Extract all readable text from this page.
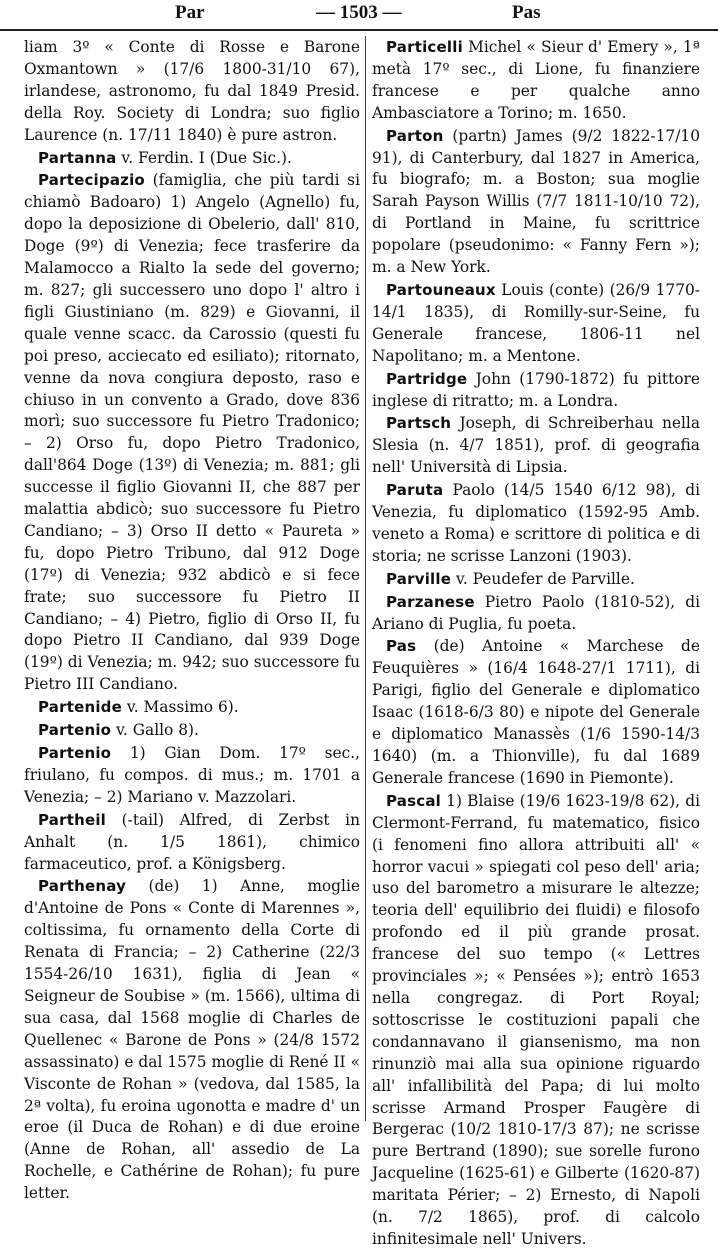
Par	— 1503 —	Pas

liam 3º « Conte di Rosse e Barone Oxmantown » (17/6 1800-31/10 67), irlandese, astronomo, fu dal 1849 Presid. della Roy. Society di Londra; suo figlio Laurence (n. 17/11 1840) è pure astron.

Partanna v. Ferdin. I (Due Sic.).

Partecipazio (famiglia, che più tardi si chiamò Badoaro) 1) Angelo (Agnello) fu, dopo la deposizione di Obelerio, dall' 810, Doge (9º) di Venezia; fece trasferire da Malamocco a Rialto la sede del governo; m. 827; gli successero uno dopo l' altro i figli Giustiniano (m. 829) e Giovanni, il quale venne scacc. da Carossio (questi fu poi preso, acciecato ed esiliato); ritornato, venne da nova congiura deposto, raso e chiuso in un convento a Grado, dove 836 morì; suo successore fu Pietro Tradonico; – 2) Orso fu, dopo Pietro Tradonico, dall'864 Doge (13º) di Venezia; m. 881; gli successe il figlio Giovanni II, che 887 per malattia abdicò; suo successore fu Pietro Candiano; – 3) Orso II detto « Paureta » fu, dopo Pietro Tribuno, dal 912 Doge (17º) di Venezia; 932 abdicò e si fece frate; suo successore fu Pietro II Candiano; – 4) Pietro, figlio di Orso II, fu dopo Pietro II Candiano, dal 939 Doge (19º) di Venezia; m. 942; suo successore fu Pietro III Candiano.

Partenide v. Massimo 6).

Partenio v. Gallo 8).

Partenio 1) Gian Dom. 17º sec., friulano, fu compos. di mus.; m. 1701 a Venezia; – 2) Mariano v. Mazzolari.

Partheil (-tail) Alfred, di Zerbst in Anhalt (n. 1/5 1861), chimico farmaceutico, prof. a Königsberg.

Parthenay (de) 1) Anne, moglie d'Antoine de Pons « Conte di Marennes », coltissima, fu ornamento della Corte di Renata di Francia; – 2) Catherine (22/3 1554-26/10 1631), figlia di Jean « Seigneur de Soubise » (m. 1566), ultima di sua casa, dal 1568 moglie di Charles de Quellenec « Barone de Pons » (24/8 1572 assassinato) e dal 1575 moglie di René II « Visconte de Rohan » (vedova, dal 1585, la 2ª volta), fu eroina ugonotta e madre d' un eroe (il Duca de Rohan) e di due eroine (Anne de Rohan, all' assedio de La Rochelle, e Cathérine de Rohan); fu pure letter.

Particelli Michel « Sieur d' Emery », 1ª metà 17º sec., di Lione, fu finanziere francese e per qualche anno Ambasciatore a Torino; m. 1650.

Parton (partn) James (9/2 1822-17/10 91), di Canterbury, dal 1827 in America, fu biografo; m. a Boston; sua moglie Sarah Payson Willis (7/7 1811-10/10 72), di Portland in Maine, fu scrittrice popolare (pseudonimo: « Fanny Fern »); m. a New York.

Partouneaux Louis (conte) (26/9 1770-14/1 1835), di Romilly-sur-Seine, fu Generale francese, 1806-11 nel Napolitano; m. a Mentone.

Partridge John (1790-1872) fu pittore inglese di ritratto; m. a Londra.

Partsch Joseph, di Schreiberhau nella Slesia (n. 4/7 1851), prof. di geografia nell' Università di Lipsia.

Paruta Paolo (14/5 1540 6/12 98), di Venezia, fu diplomatico (1592-95 Amb. veneto a Roma) e scrittore di politica e di storia; ne scrisse Lanzoni (1903).

Parville v. Peudefer de Parville.

Parzanese Pietro Paolo (1810-52), di Ariano di Puglia, fu poeta.

Pas (de) Antoine « Marchese de Feuquières » (16/4 1648-27/1 1711), di Parigi, figlio del Generale e diplomatico Isaac (1618-6/3 80) e nipote del Generale e diplomatico Manassès (1/6 1590-14/3 1640) (m. a Thionville), fu dal 1689 Generale francese (1690 in Piemonte).

Pascal 1) Blaise (19/6 1623-19/8 62), di Clermont-Ferrand, fu matematico, fisico (i fenomeni fino allora attribuiti all' « horror vacui » spiegati col peso dell' aria; uso del barometro a misurare le altezze; teoria dell' equilibrio dei fluidi) e filosofo profondo ed il più grande prosat. francese del suo tempo (« Lettres provinciales »; « Pensées »); entrò 1653 nella congregaz. di Port Royal; sottoscrisse le costituzioni papali che condannavano il giansenismo, ma non rinunziò mai alla sua opinione riguardo all' infallibilità del Papa; di lui molto scrisse Armand Prosper Faugère di Bergerac (10/2 1810-17/3 87); ne scrisse pure Bertrand (1890); sue sorelle furono Jacqueline (1625-61) e Gilberte (1620-87) maritata Périer; – 2) Ernesto, di Napoli (n. 7/2 1865), prof. di calcolo infinitesimale nell' Univers.
